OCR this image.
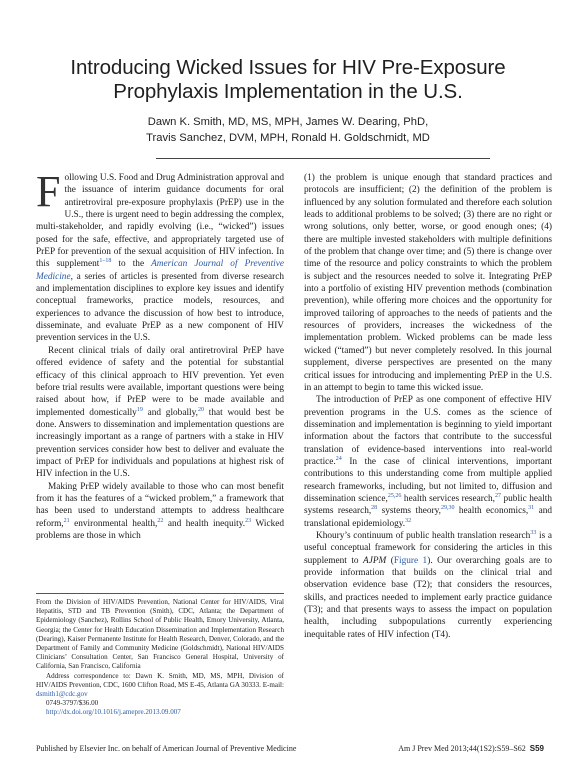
Introducing Wicked Issues for HIV Pre-Exposure Prophylaxis Implementation in the U.S.
Dawn K. Smith, MD, MS, MPH, James W. Dearing, PhD,
Travis Sanchez, DVM, MPH, Ronald H. Goldschmidt, MD

Following U.S. Food and Drug Administration approval and the issuance of interim guidance documents for oral antiretroviral pre-exposure prophylaxis (PrEP) use in the U.S., there is urgent need to begin addressing the complex, multi-stakeholder, and rapidly evolving (i.e., “wicked”) issues posed for the safe, effective, and appropriately targeted use of PrEP for prevention of the sexual acquisition of HIV infection. In this supplement$^{1-18}$ to the American Journal of Preventive Medicine, a series of articles is presented from diverse research and implementation disciplines to explore key issues and identify conceptual frameworks, practice models, resources, and experiences to advance the discussion of how best to introduce, disseminate, and evaluate PrEP as a new component of HIV prevention services in the U.S.

Recent clinical trials of daily oral antiretroviral PrEP have offered evidence of safety and the potential for substantial efficacy of this clinical approach to HIV prevention. Yet even before trial results were available, important questions were being raised about how, if PrEP were to be made available and implemented domestically$^{19}$ and globally,$^{20}$ that would best be done. Answers to dissemination and implementation questions are increasingly important as a range of partners with a stake in HIV prevention services consider how best to deliver and evaluate the impact of PrEP for individuals and populations at highest risk of HIV infection in the U.S.

Making PrEP widely available to those who can most benefit from it has the features of a “wicked problem,” a framework that has been used to understand attempts to address healthcare reform,$^{21}$ environmental health,$^{22}$ and health inequity.$^{23}$ Wicked problems are those in which

From the Division of HIV/AIDS Prevention, National Center for HIV/AIDS, Viral Hepatitis, STD and TB Prevention (Smith), CDC, Atlanta; the Department of Epidemiology (Sanchez), Rollins School of Public Health, Emory University, Atlanta, Georgia; the Center for Health Education Dissemination and Implementation Research (Dearing), Kaiser Permanente Institute for Health Research, Denver, Colorado, and the Department of Family and Community Medicine (Goldschmidt), National HIV/AIDS Clinicians’ Consultation Center, San Francisco General Hospital, University of California, San Francisco, California

Address correspondence to: Dawn K. Smith, MD, MS, MPH, Division of HIV/AIDS Prevention, CDC, 1600 Clifton Road, MS E-45, Atlanta GA 30333. E-mail: dsmith1@cdc.gov

0749-3797/$36.00

http://dx.doi.org/10.1016/j.amepre.2013.09.007

(1) the problem is unique enough that standard practices and protocols are insufficient; (2) the definition of the problem is influenced by any solution formulated and therefore each solution leads to additional problems to be solved; (3) there are no right or wrong solutions, only better, worse, or good enough ones; (4) there are multiple invested stakeholders with multiple definitions of the problem that change over time; and (5) there is change over time of the resource and policy constraints to which the problem is subject and the resources needed to solve it. Integrating PrEP into a portfolio of existing HIV prevention methods (combination prevention), while offering more choices and the opportunity for improved tailoring of approaches to the needs of patients and the resources of providers, increases the wickedness of the implementation problem. Wicked problems can be made less wicked (“tamed”) but never completely resolved. In this journal supplement, diverse perspectives are presented on the many critical issues for introducing and implementing PrEP in the U.S. in an attempt to begin to tame this wicked issue.

The introduction of PrEP as one component of effective HIV prevention programs in the U.S. comes as the science of dissemination and implementation is beginning to yield important information about the factors that contribute to the successful translation of evidence-based interventions into real-world practice.$^{24}$ In the case of clinical interventions, important contributions to this understanding come from multiple applied research frameworks, including, but not limited to, diffusion and dissemination science,$^{25,26}$ health services research,$^{27}$ public health systems research,$^{28}$ systems theory,$^{29,30}$ health economics,$^{31}$ and translational epidemiology.$^{32}$

Khoury’s continuum of public health translation research$^{33}$ is a useful conceptual framework for considering the articles in this supplement to AJPM (Figure 1). Our overarching goals are to provide information that builds on the clinical trial and observation evidence base (T2); that considers the resources, skills, and practices needed to implement early practice guidance (T3); and that presents ways to assess the impact on population health, including subpopulations currently experiencing inequitable rates of HIV infection (T4).

Published by Elsevier Inc. on behalf of American Journal of Preventive Medicine	Am J Prev Med 2013;44(1S2):S59–S62 S59
